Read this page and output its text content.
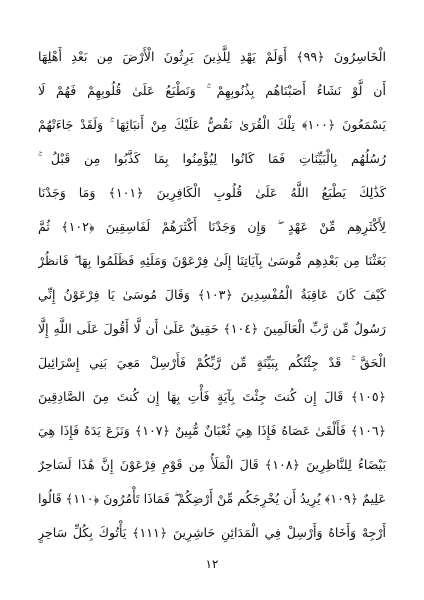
الْخَاسِرُونَ ﴿٩٩﴾ أَوَلَمْ يَهْدِ لِلَّذِينَ يَرِثُونَ الْأَرْضَ مِن بَعْدِ أَهْلِهَا
أَن لَّوْ نَشَاءُ أَصَبْنَاهُم بِذُنُوبِهِمْ ۚ وَنَطْبَعُ عَلَىٰ قُلُوبِهِمْ فَهُمْ لَا
يَسْمَعُونَ ﴿١٠٠﴾ تِلْكَ الْقُرَىٰ نَقُصُّ عَلَيْكَ مِنْ أَنبَائِهَا ۚ وَلَقَدْ جَاءَتْهُمْ
رُسُلُهُم بِالْبَيِّنَاتِ فَمَا كَانُوا لِيُؤْمِنُوا بِمَا كَذَّبُوا مِن قَبْلُ ۚ
كَذَٰلِكَ يَطْبَعُ اللَّهُ عَلَىٰ قُلُوبِ الْكَافِرِينَ ﴿١٠١﴾ وَمَا وَجَدْنَا
لِأَكْثَرِهِم مِّنْ عَهْدٍ ۖ وَإِن وَجَدْنَا أَكْثَرَهُمْ لَفَاسِقِينَ ﴿١٠٢﴾ ثُمَّ
بَعَثْنَا مِن بَعْدِهِم مُّوسَىٰ بِآيَاتِنَا إِلَىٰ فِرْعَوْنَ وَمَلَئِهِ فَظَلَمُوا بِهَا ۖ فَانظُرْ
كَيْفَ كَانَ عَاقِبَةُ الْمُفْسِدِينَ ﴿١٠٣﴾ وَقَالَ مُوسَىٰ يَا فِرْعَوْنُ إِنِّي
رَسُولٌ مِّن رَّبِّ الْعَالَمِينَ ﴿١٠٤﴾ حَقِيقٌ عَلَىٰ أَن لَّا أَقُولَ عَلَى اللَّهِ إِلَّا
الْحَقَّ ۚ قَدْ جِئْتُكُم بِبَيِّنَةٍ مِّن رَّبِّكُمْ فَأَرْسِلْ مَعِيَ بَنِي إِسْرَائِيلَ
﴿١٠٥﴾ قَالَ إِن كُنتَ جِئْتَ بِآيَةٍ فَأْتِ بِهَا إِن كُنتَ مِنَ الصَّادِقِينَ
﴿١٠٦﴾ فَأَلْقَىٰ عَصَاهُ فَإِذَا هِيَ ثُعْبَانٌ مُّبِينٌ ﴿١٠٧﴾ وَنَزَعَ يَدَهُ فَإِذَا هِيَ
بَيْضَاءُ لِلنَّاظِرِينَ ﴿١٠٨﴾ قَالَ الْمَلَأُ مِن قَوْمِ فِرْعَوْنَ إِنَّ هَٰذَا لَسَاحِرٌ
عَلِيمٌ ﴿١٠٩﴾ يُرِيدُ أَن يُخْرِجَكُم مِّنْ أَرْضِكُمْ ۖ فَمَاذَا تَأْمُرُونَ ﴿١١٠﴾ قَالُوا
أَرْجِهْ وَأَخَاهُ وَأَرْسِلْ فِي الْمَدَائِنِ حَاشِرِينَ ﴿١١١﴾ يَأْتُوكَ بِكُلِّ سَاحِرٍ
١٢
